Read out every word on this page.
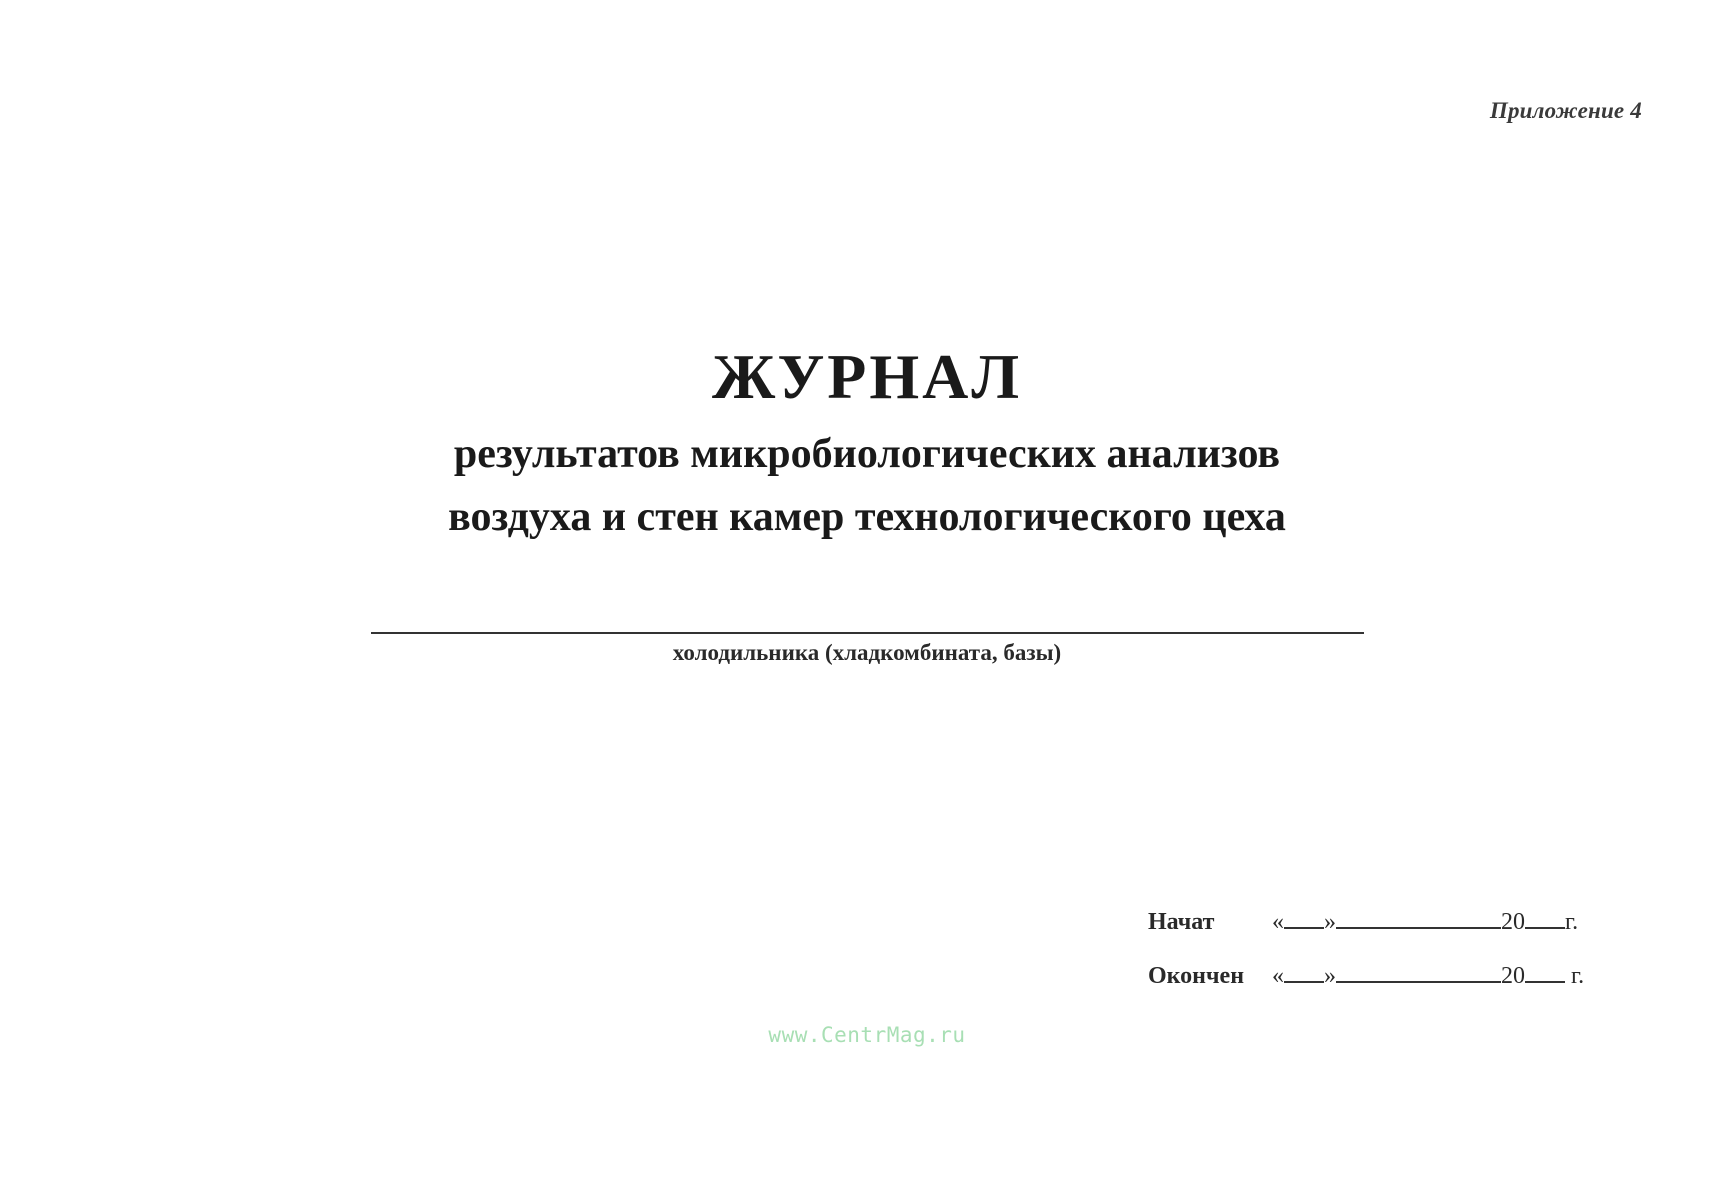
Приложение 4
ЖУРНАЛ
результатов микробиологических анализов
воздуха и стен камер технологического цеха
холодильника (хладкомбината, базы)
Начат	« »	20 г.
Окончен	« »	20 г.
www.CentrMag.ru
